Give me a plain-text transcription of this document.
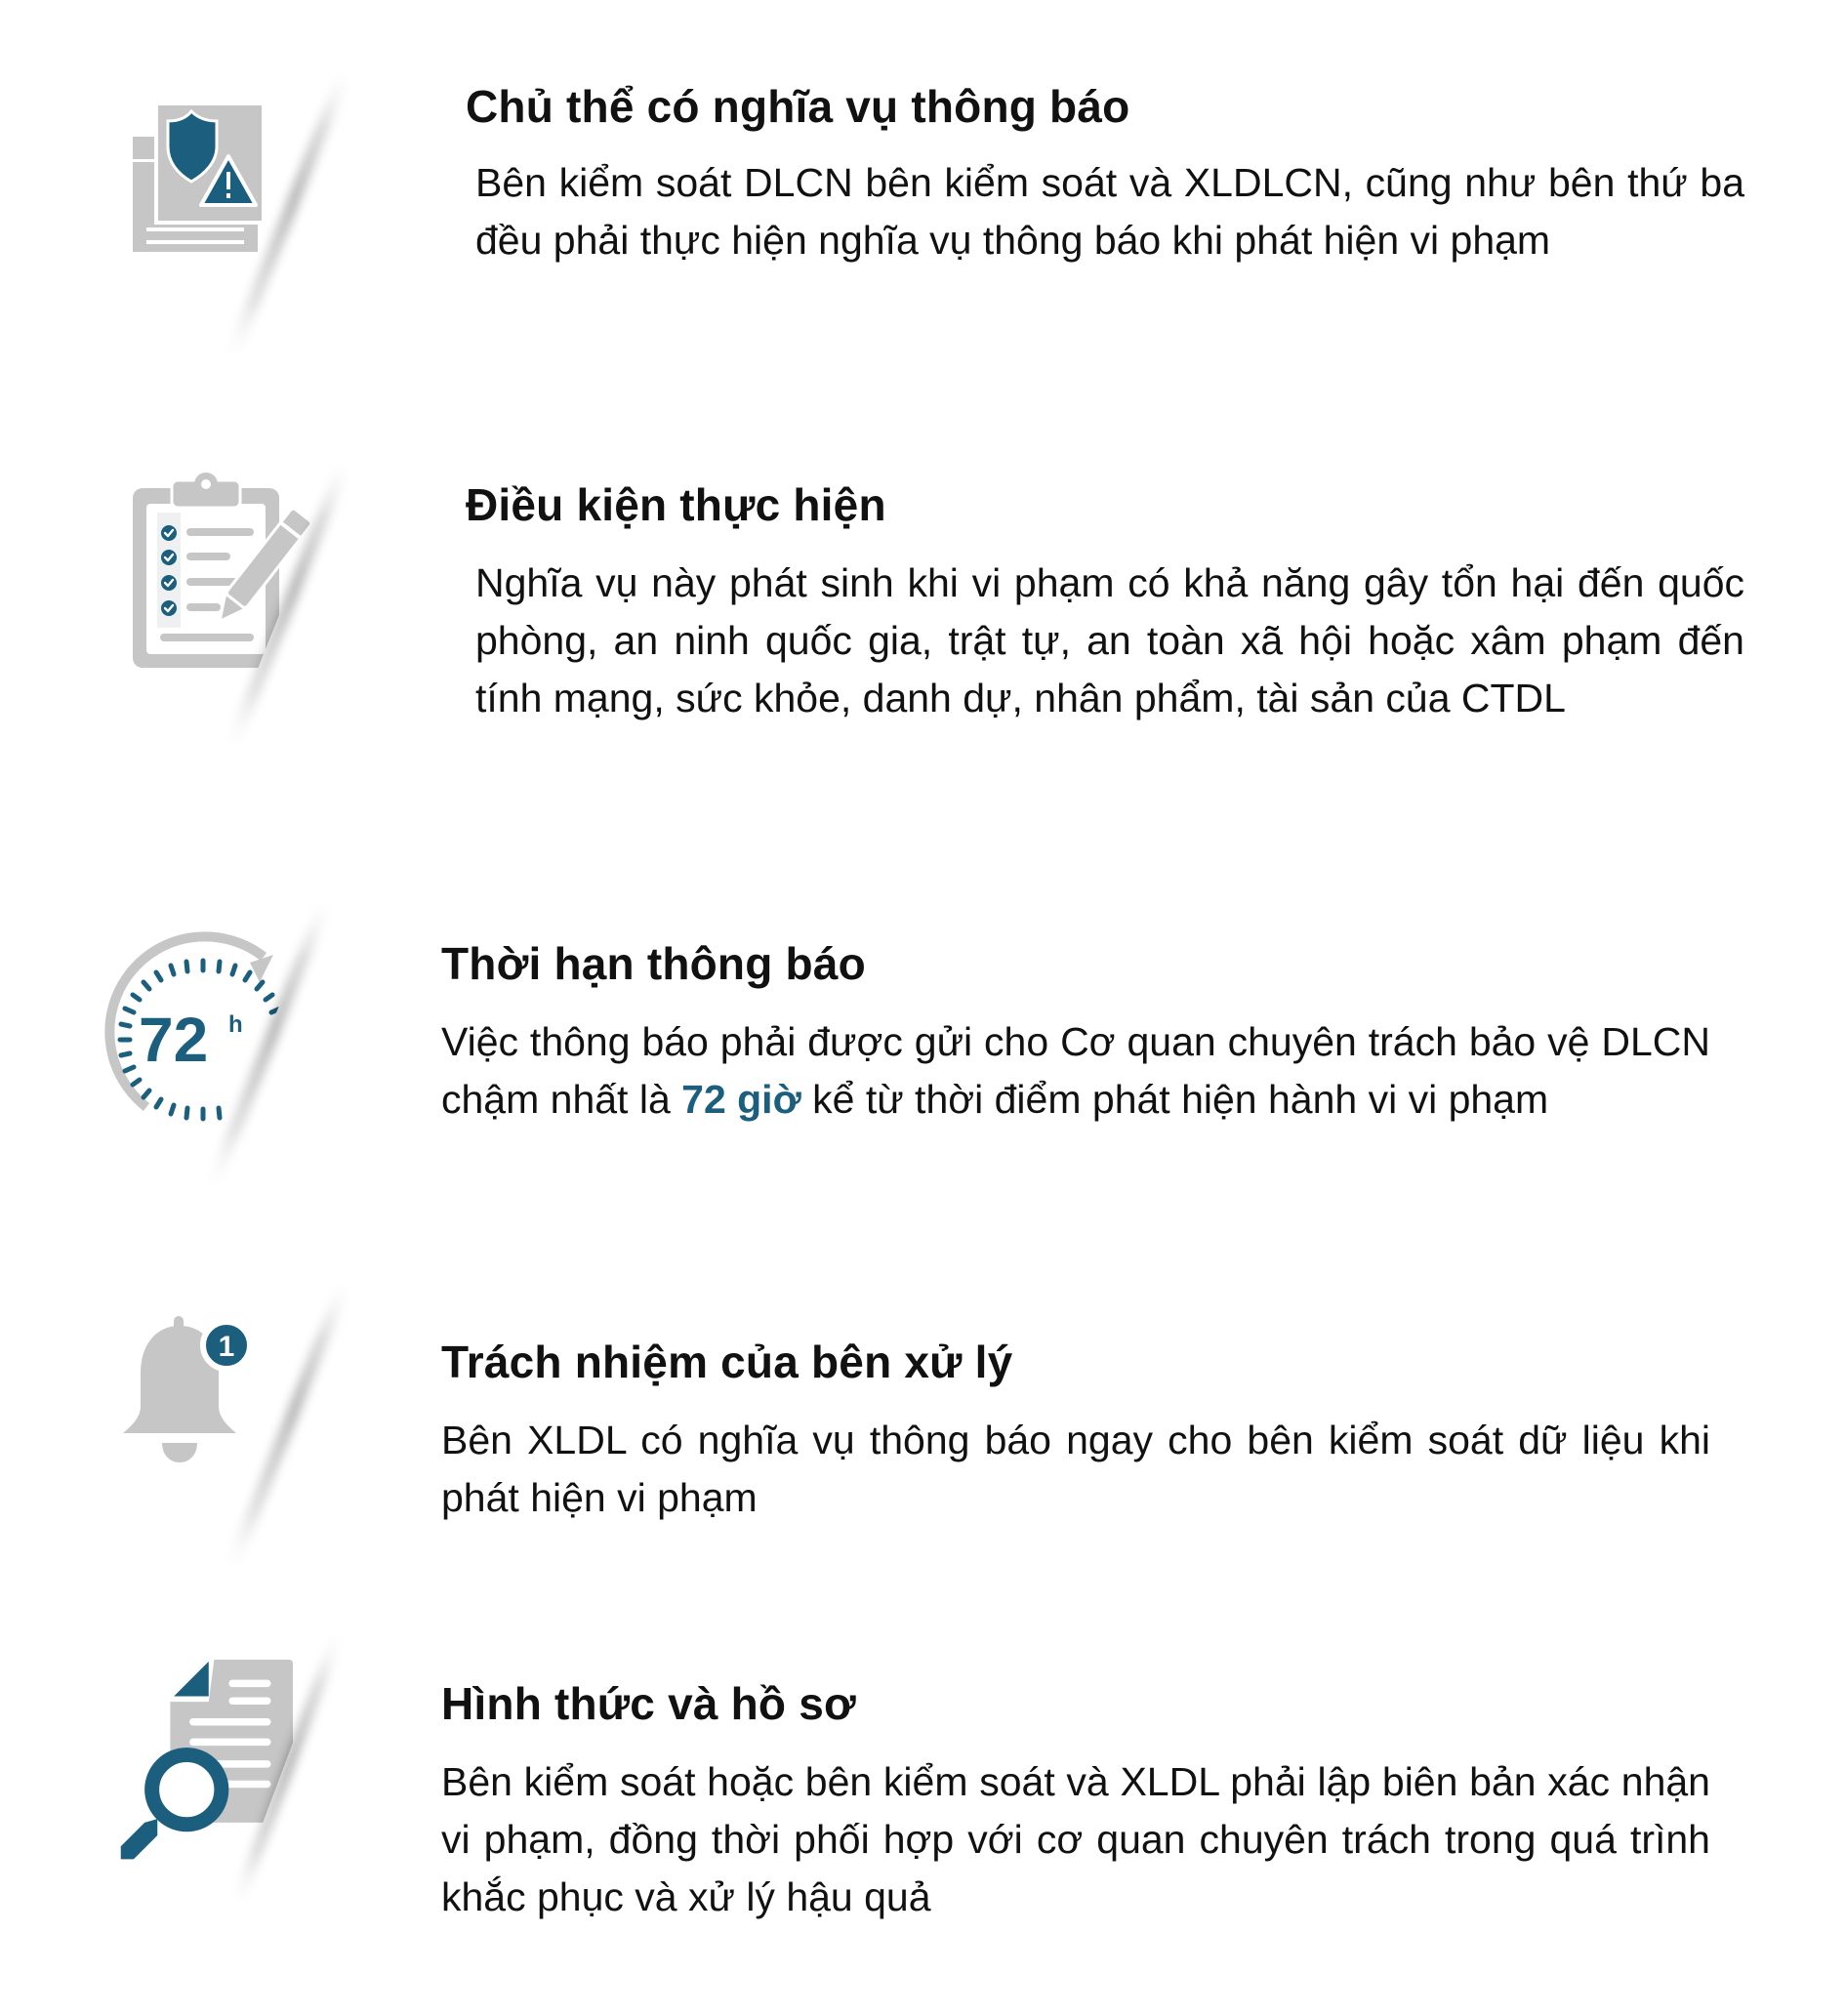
Chủ thể có nghĩa vụ thông báo
Bên kiểm soát DLCN bên kiểm soát và XLDLCN, cũng như bên thứ ba đều phải thực hiện nghĩa vụ thông báo khi phát hiện vi phạm
Điều kiện thực hiện
Nghĩa vụ này phát sinh khi vi phạm có khả năng gây tổn hại đến quốc phòng, an ninh quốc gia, trật tự, an toàn xã hội hoặc xâm phạm đến tính mạng, sức khỏe, danh dự, nhân phẩm, tài sản của CTDL
72 h
Thời hạn thông báo
Việc thông báo phải được gửi cho Cơ quan chuyên trách bảo vệ DLCN chậm nhất là 72 giờ kể từ thời điểm phát hiện hành vi vi phạm
1	Trách nhiệm của bên xử lý
Bên XLDL có nghĩa vụ thông báo ngay cho bên kiểm soát dữ liệu khi phát hiện vi phạm
Hình thức và hồ sơ
Bên kiểm soát hoặc bên kiểm soát và XLDL phải lập biên bản xác nhận vi phạm, đồng thời phối hợp với cơ quan chuyên trách trong quá trình khắc phục và xử lý hậu quả
